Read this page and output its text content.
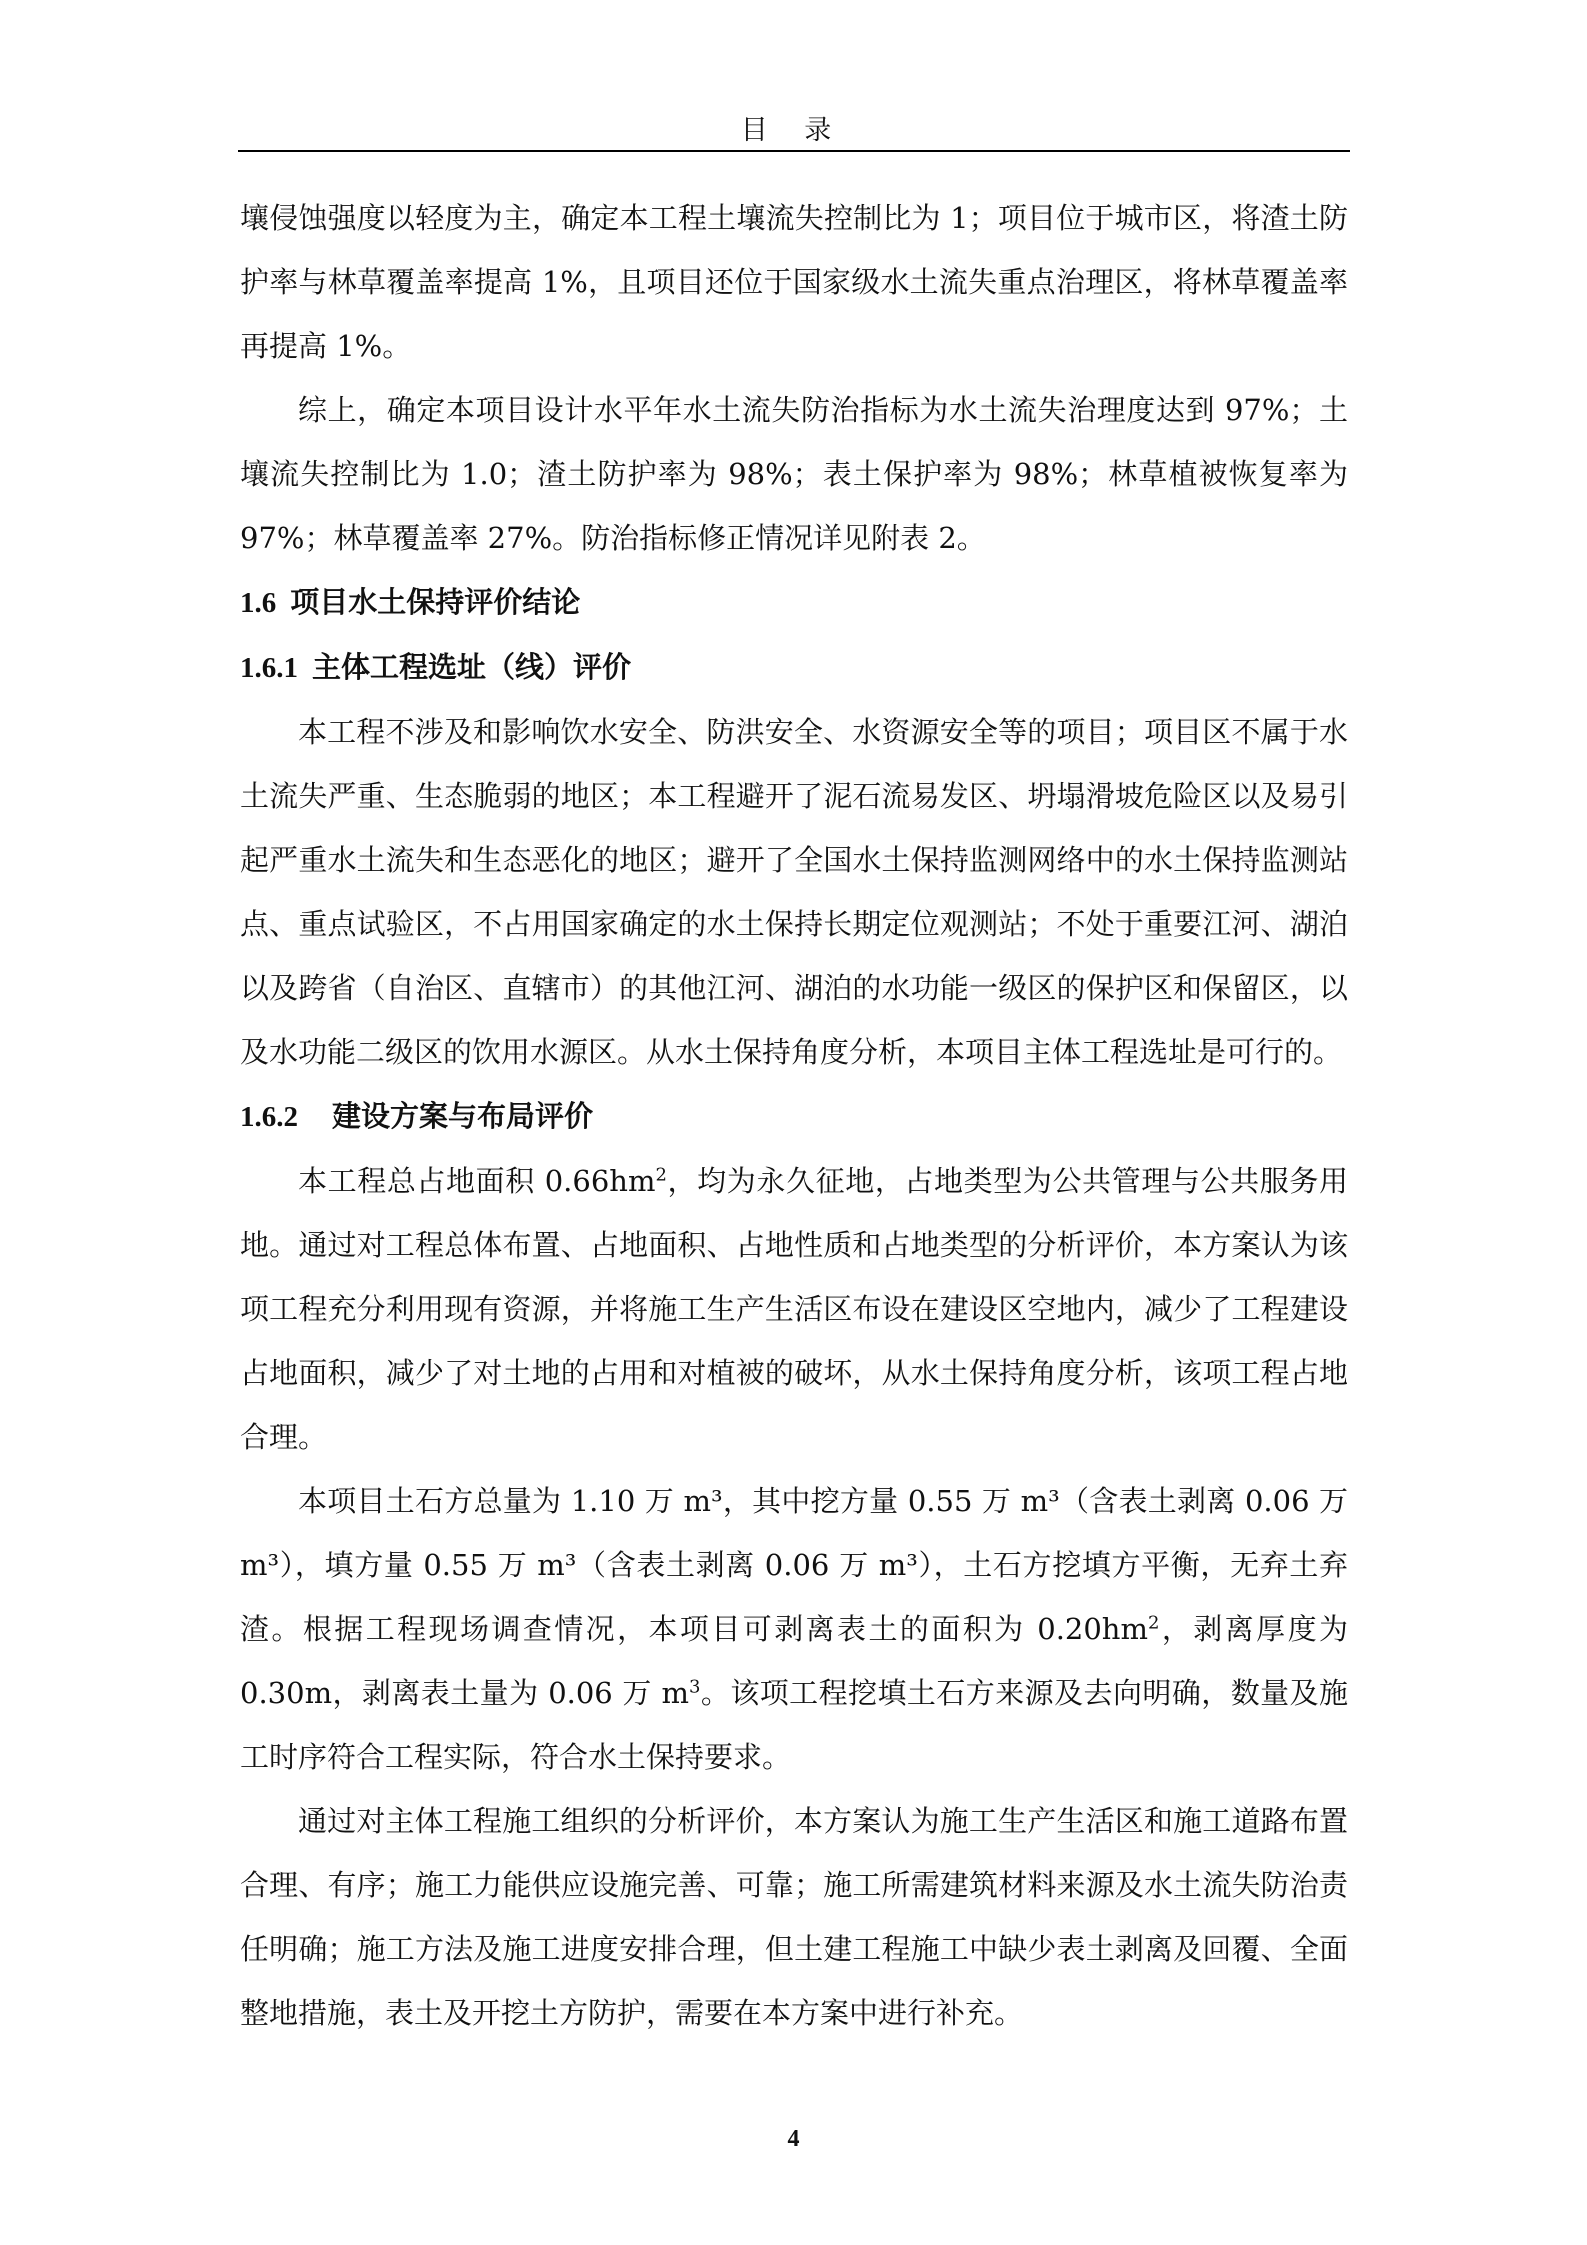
目 录

壤侵蚀强度以轻度为主，确定本工程土壤流失控制比为 1；项目位于城市区，将渣土防护率与林草覆盖率提高 1%，且项目还位于国家级水土流失重点治理区，将林草覆盖率再提高 1%。

综上，确定本项目设计水平年水土流失防治指标为水土流失治理度达到 97%；土壤流失控制比为 1.0；渣土防护率为 98%；表土保护率为 98%；林草植被恢复率为 97%；林草覆盖率 27%。防治指标修正情况详见附表 2。

1.6 项目水土保持评价结论
1.6.1 主体工程选址（线）评价

本工程不涉及和影响饮水安全、防洪安全、水资源安全等的项目；项目区不属于水土流失严重、生态脆弱的地区；本工程避开了泥石流易发区、坍塌滑坡危险区以及易引起严重水土流失和生态恶化的地区；避开了全国水土保持监测网络中的水土保持监测站点、重点试验区，不占用国家确定的水土保持长期定位观测站；不处于重要江河、湖泊以及跨省（自治区、直辖市）的其他江河、湖泊的水功能一级区的保护区和保留区，以及水功能二级区的饮用水源区。从水土保持角度分析，本项目主体工程选址是可行的。

1.6.2 建设方案与布局评价

本工程总占地面积 $0.66hm^2$，均为永久征地，占地类型为公共管理与公共服务用地。通过对工程总体布置、占地面积、占地性质和占地类型的分析评价，本方案认为该项工程充分利用现有资源，并将施工生产生活区布设在建设区空地内，减少了工程建设占地面积，减少了对土地的占用和对植被的破坏，从水土保持角度分析，该项工程占地合理。

本项目土石方总量为 1.10 万 m³，其中挖方量 0.55 万 m³（含表土剥离 0.06 万 m³），填方量 0.55 万 m³（含表土剥离 0.06 万 m³），土石方挖填方平衡，无弃土弃渣。根据工程现场调查情况，本项目可剥离表土的面积为 $0.20hm^2$，剥离厚度为 0.30m，剥离表土量为 0.06 万 $m^3$。该项工程挖填土石方来源及去向明确，数量及施工时序符合工程实际，符合水土保持要求。

通过对主体工程施工组织的分析评价，本方案认为施工生产生活区和施工道路布置合理、有序；施工力能供应设施完善、可靠；施工所需建筑材料来源及水土流失防治责任明确；施工方法及施工进度安排合理，但土建工程施工中缺少表土剥离及回覆、全面整地措施，表土及开挖土方防护，需要在本方案中进行补充。

4
